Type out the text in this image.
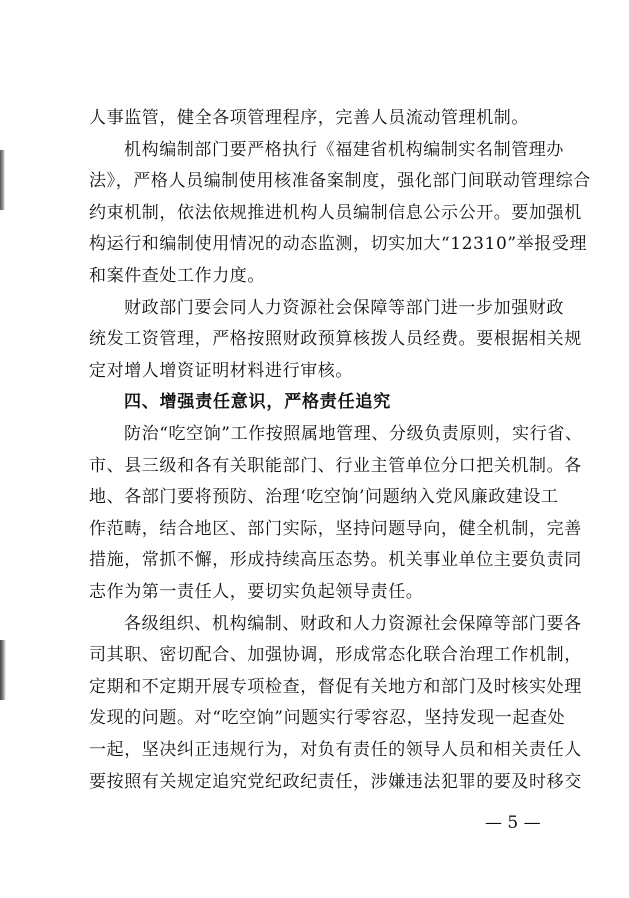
人事监管，健全各项管理程序，完善人员流动管理机制。
机构编制部门要严格执行《福建省机构编制实名制管理办
法》，严格人员编制使用核准备案制度，强化部门间联动管理综合
约束机制，依法依规推进机构人员编制信息公示公开。要加强机
构运行和编制使用情况的动态监测，切实加大“12310”举报受理
和案件查处工作力度。
财政部门要会同人力资源社会保障等部门进一步加强财政
统发工资管理，严格按照财政预算核拨人员经费。要根据相关规
定对增人增资证明材料进行审核。
四、增强责任意识，严格责任追究
防治“吃空饷”工作按照属地管理、分级负责原则，实行省、
市、县三级和各有关职能部门、行业主管单位分口把关机制。各
地、各部门要将预防、治理‘吃空饷’问题纳入党风廉政建设工
作范畴，结合地区、部门实际，坚持问题导向，健全机制，完善
措施，常抓不懈，形成持续高压态势。机关事业单位主要负责同
志作为第一责任人，要切实负起领导责任。
各级组织、机构编制、财政和人力资源社会保障等部门要各
司其职、密切配合、加强协调，形成常态化联合治理工作机制，
定期和不定期开展专项检查，督促有关地方和部门及时核实处理
发现的问题。对“吃空饷”问题实行零容忍，坚持发现一起查处
一起，坚决纠正违规行为，对负有责任的领导人员和相关责任人
要按照有关规定追究党纪政纪责任，涉嫌违法犯罪的要及时移交
— 5 —
